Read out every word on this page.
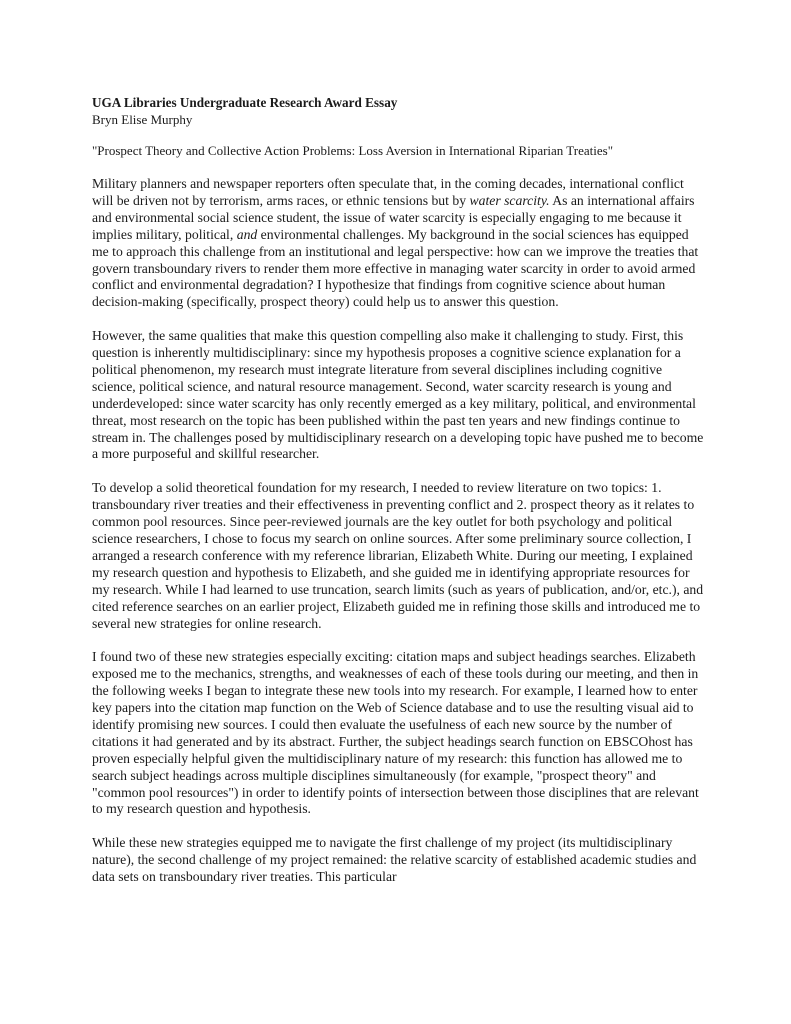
UGA Libraries Undergraduate Research Award Essay

Bryn Elise Murphy

"Prospect Theory and Collective Action Problems: Loss Aversion in International Riparian Treaties"

Military planners and newspaper reporters often speculate that, in the coming decades, international conflict will be driven not by terrorism, arms races, or ethnic tensions but by water scarcity. As an international affairs and environmental social science student, the issue of water scarcity is especially engaging to me because it implies military, political, and environmental challenges. My background in the social sciences has equipped me to approach this challenge from an institutional and legal perspective: how can we improve the treaties that govern transboundary rivers to render them more effective in managing water scarcity in order to avoid armed conflict and environmental degradation? I hypothesize that findings from cognitive science about human decision-making (specifically, prospect theory) could help us to answer this question.

However, the same qualities that make this question compelling also make it challenging to study. First, this question is inherently multidisciplinary: since my hypothesis proposes a cognitive science explanation for a political phenomenon, my research must integrate literature from several disciplines including cognitive science, political science, and natural resource management. Second, water scarcity research is young and underdeveloped: since water scarcity has only recently emerged as a key military, political, and environmental threat, most research on the topic has been published within the past ten years and new findings continue to stream in. The challenges posed by multidisciplinary research on a developing topic have pushed me to become a more purposeful and skillful researcher.

To develop a solid theoretical foundation for my research, I needed to review literature on two topics: 1. transboundary river treaties and their effectiveness in preventing conflict and 2. prospect theory as it relates to common pool resources. Since peer-reviewed journals are the key outlet for both psychology and political science researchers, I chose to focus my search on online sources. After some preliminary source collection, I arranged a research conference with my reference librarian, Elizabeth White. During our meeting, I explained my research question and hypothesis to Elizabeth, and she guided me in identifying appropriate resources for my research. While I had learned to use truncation, search limits (such as years of publication, and/or, etc.), and cited reference searches on an earlier project, Elizabeth guided me in refining those skills and introduced me to several new strategies for online research.

I found two of these new strategies especially exciting: citation maps and subject headings searches. Elizabeth exposed me to the mechanics, strengths, and weaknesses of each of these tools during our meeting, and then in the following weeks I began to integrate these new tools into my research. For example, I learned how to enter key papers into the citation map function on the Web of Science database and to use the resulting visual aid to identify promising new sources. I could then evaluate the usefulness of each new source by the number of citations it had generated and by its abstract. Further, the subject headings search function on EBSCOhost has proven especially helpful given the multidisciplinary nature of my research: this function has allowed me to search subject headings across multiple disciplines simultaneously (for example, "prospect theory" and "common pool resources") in order to identify points of intersection between those disciplines that are relevant to my research question and hypothesis.

While these new strategies equipped me to navigate the first challenge of my project (its multidisciplinary nature), the second challenge of my project remained: the relative scarcity of established academic studies and data sets on transboundary river treaties. This particular
